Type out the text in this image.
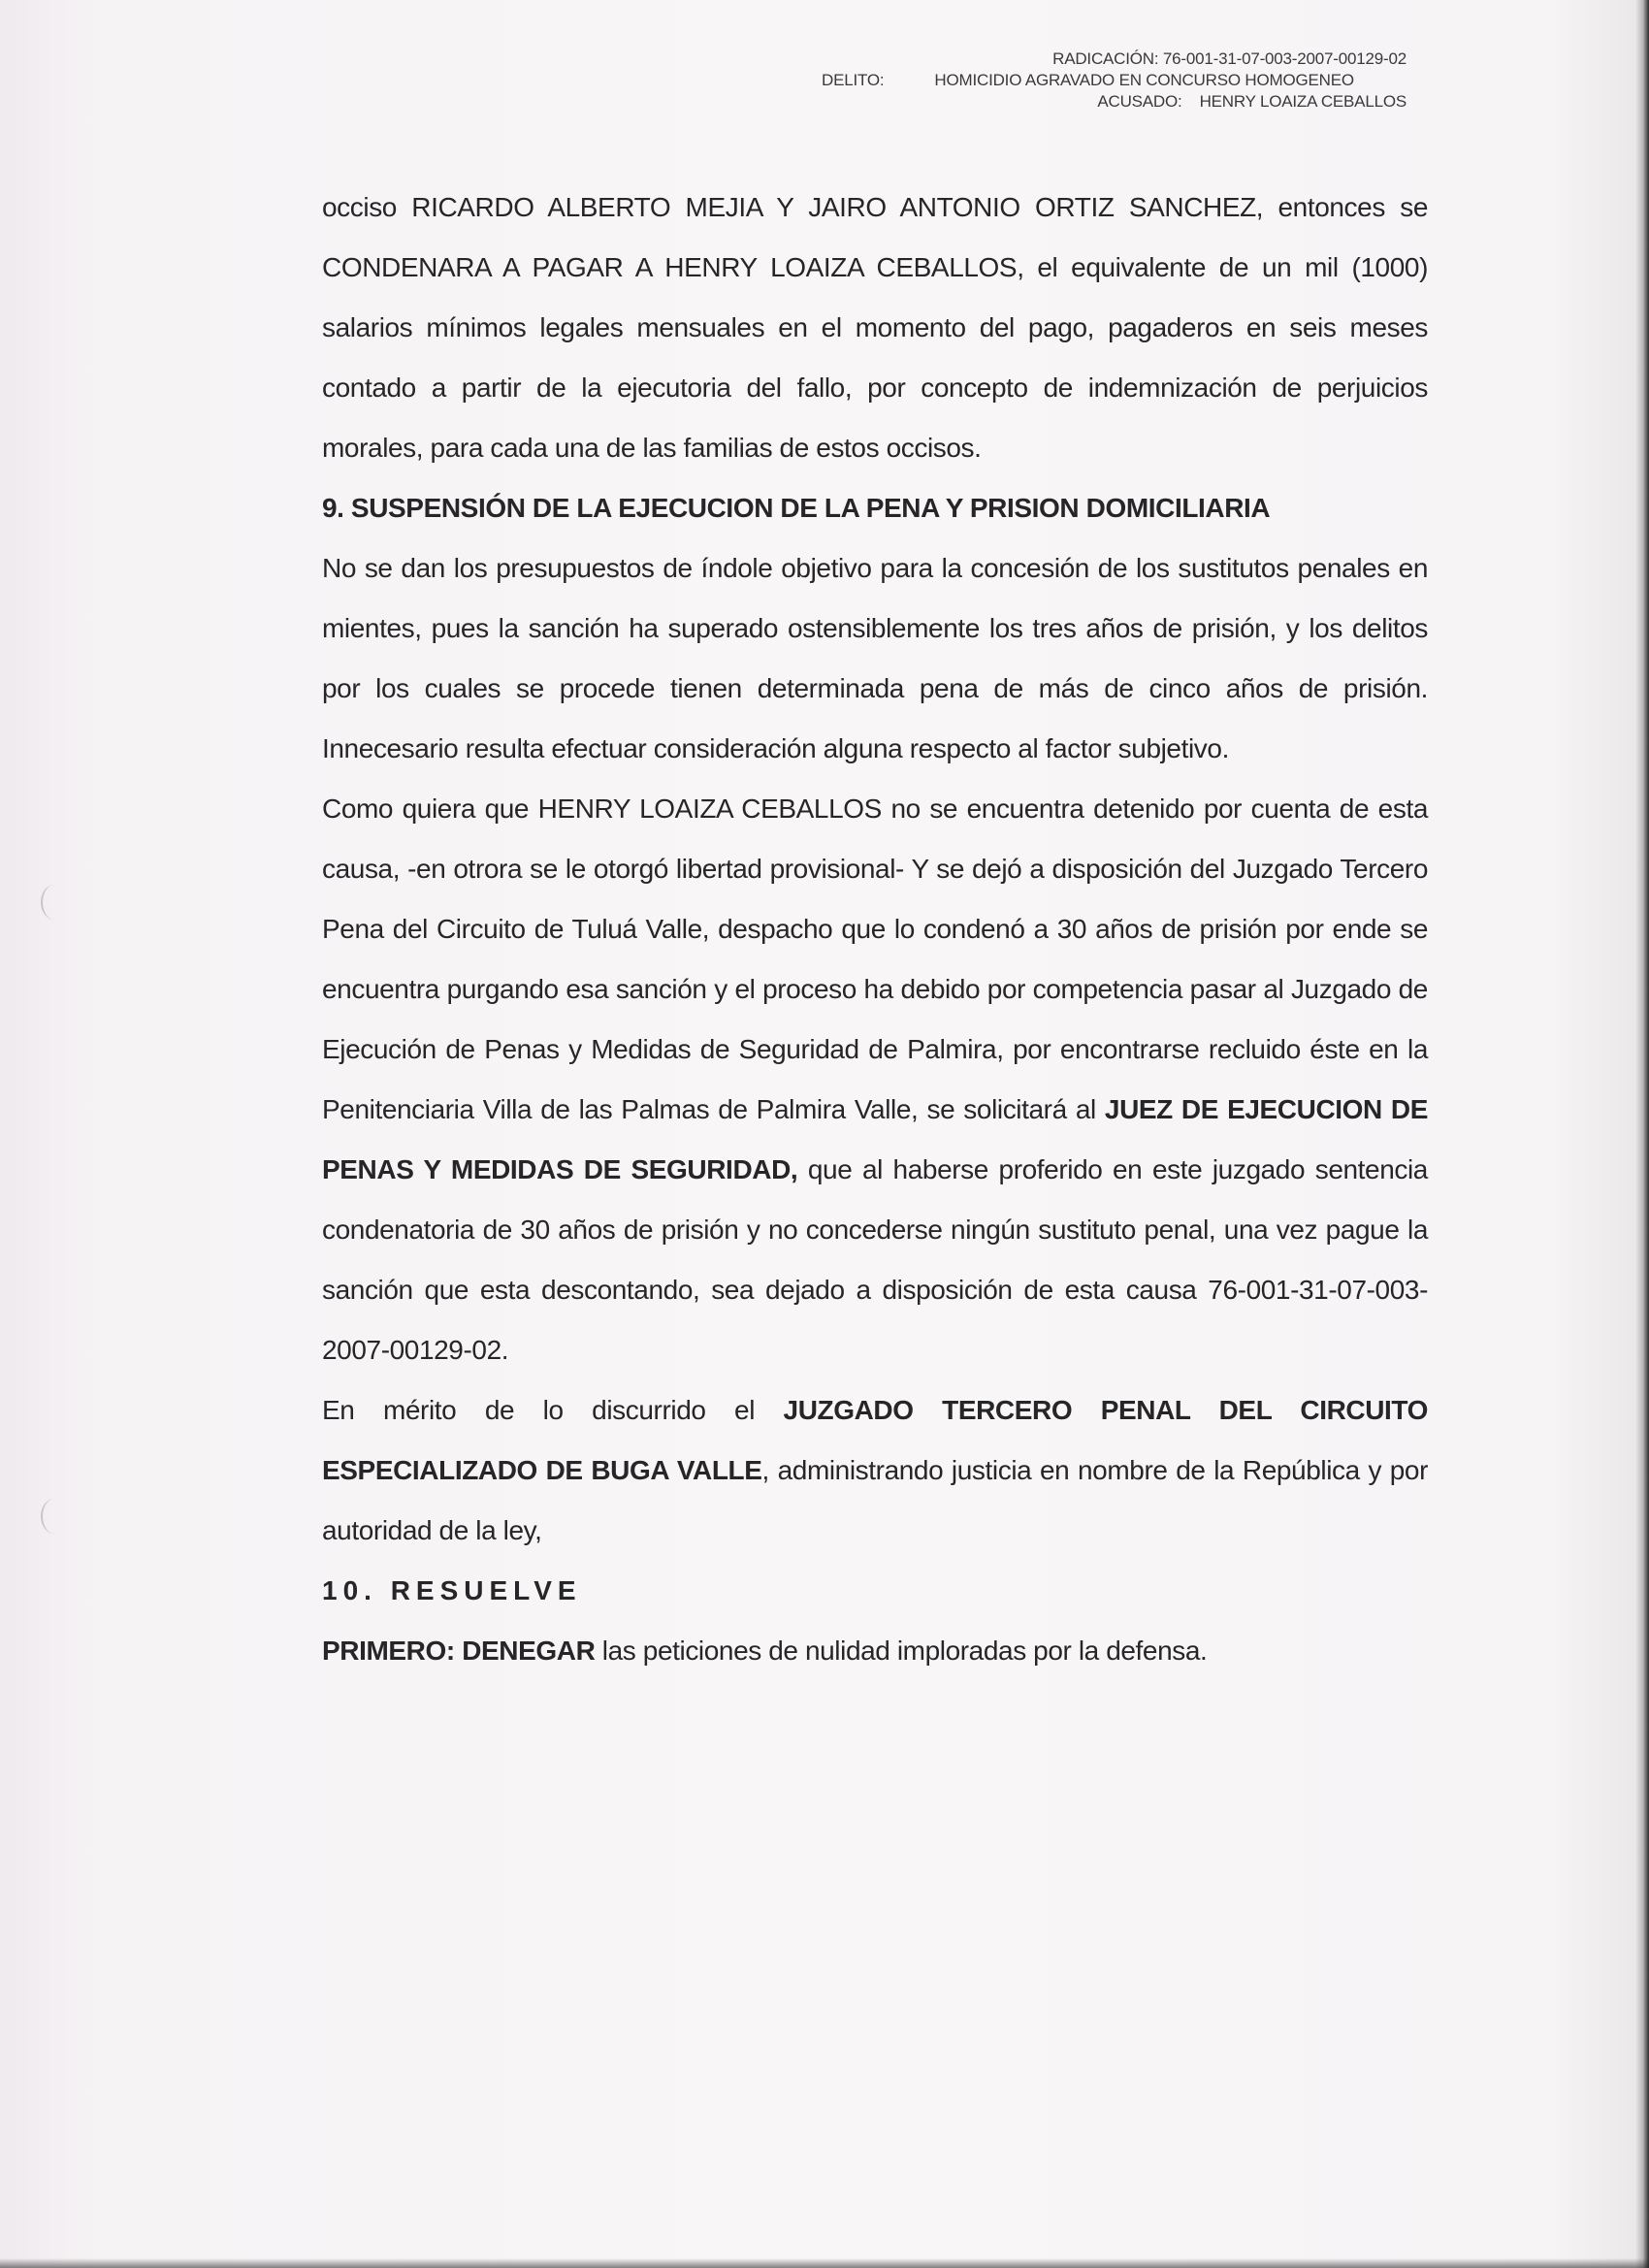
RADICACIÓN: 76-001-31-07-003-2007-00129-02
DELITO:	HOMICIDIO AGRAVADO EN CONCURSO HOMOGENEO
ACUSADO: HENRY LOAIZA CEBALLOS

occiso RICARDO ALBERTO MEJIA Y JAIRO ANTONIO ORTIZ SANCHEZ, entonces se CONDENARA A PAGAR A HENRY LOAIZA CEBALLOS, el equivalente de un mil (1000) salarios mínimos legales mensuales en el momento del pago, pagaderos en seis meses contado a partir de la ejecutoria del fallo, por concepto de indemnización de perjuicios morales, para cada una de las familias de estos occisos.

9. SUSPENSIÓN DE LA EJECUCION DE LA PENA Y PRISION DOMICILIARIA

No se dan los presupuestos de índole objetivo para la concesión de los sustitutos penales en mientes, pues la sanción ha superado ostensiblemente los tres años de prisión, y los delitos por los cuales se procede tienen determinada pena de más de cinco años de prisión. Innecesario resulta efectuar consideración alguna respecto al factor subjetivo.

Como quiera que HENRY LOAIZA CEBALLOS no se encuentra detenido por cuenta de esta causa, -en otrora se le otorgó libertad provisional- Y se dejó a disposición del Juzgado Tercero Pena del Circuito de Tuluá Valle, despacho que lo condenó a 30 años de prisión por ende se encuentra purgando esa sanción y el proceso ha debido por competencia pasar al Juzgado de Ejecución de Penas y Medidas de Seguridad de Palmira, por encontrarse recluido éste en la Penitenciaria Villa de las Palmas de Palmira Valle, se solicitará al JUEZ DE EJECUCION DE PENAS Y MEDIDAS DE SEGURIDAD, que al haberse proferido en este juzgado sentencia condenatoria de 30 años de prisión y no concederse ningún sustituto penal, una vez pague la sanción que esta descontando, sea dejado a disposición de esta causa 76-001-31-07-003-2007-00129-02.

En mérito de lo discurrido el JUZGADO TERCERO PENAL DEL CIRCUITO ESPECIALIZADO DE BUGA VALLE, administrando justicia en nombre de la República y por autoridad de la ley,

10. RESUELVE

PRIMERO: DENEGAR las peticiones de nulidad imploradas por la defensa.
